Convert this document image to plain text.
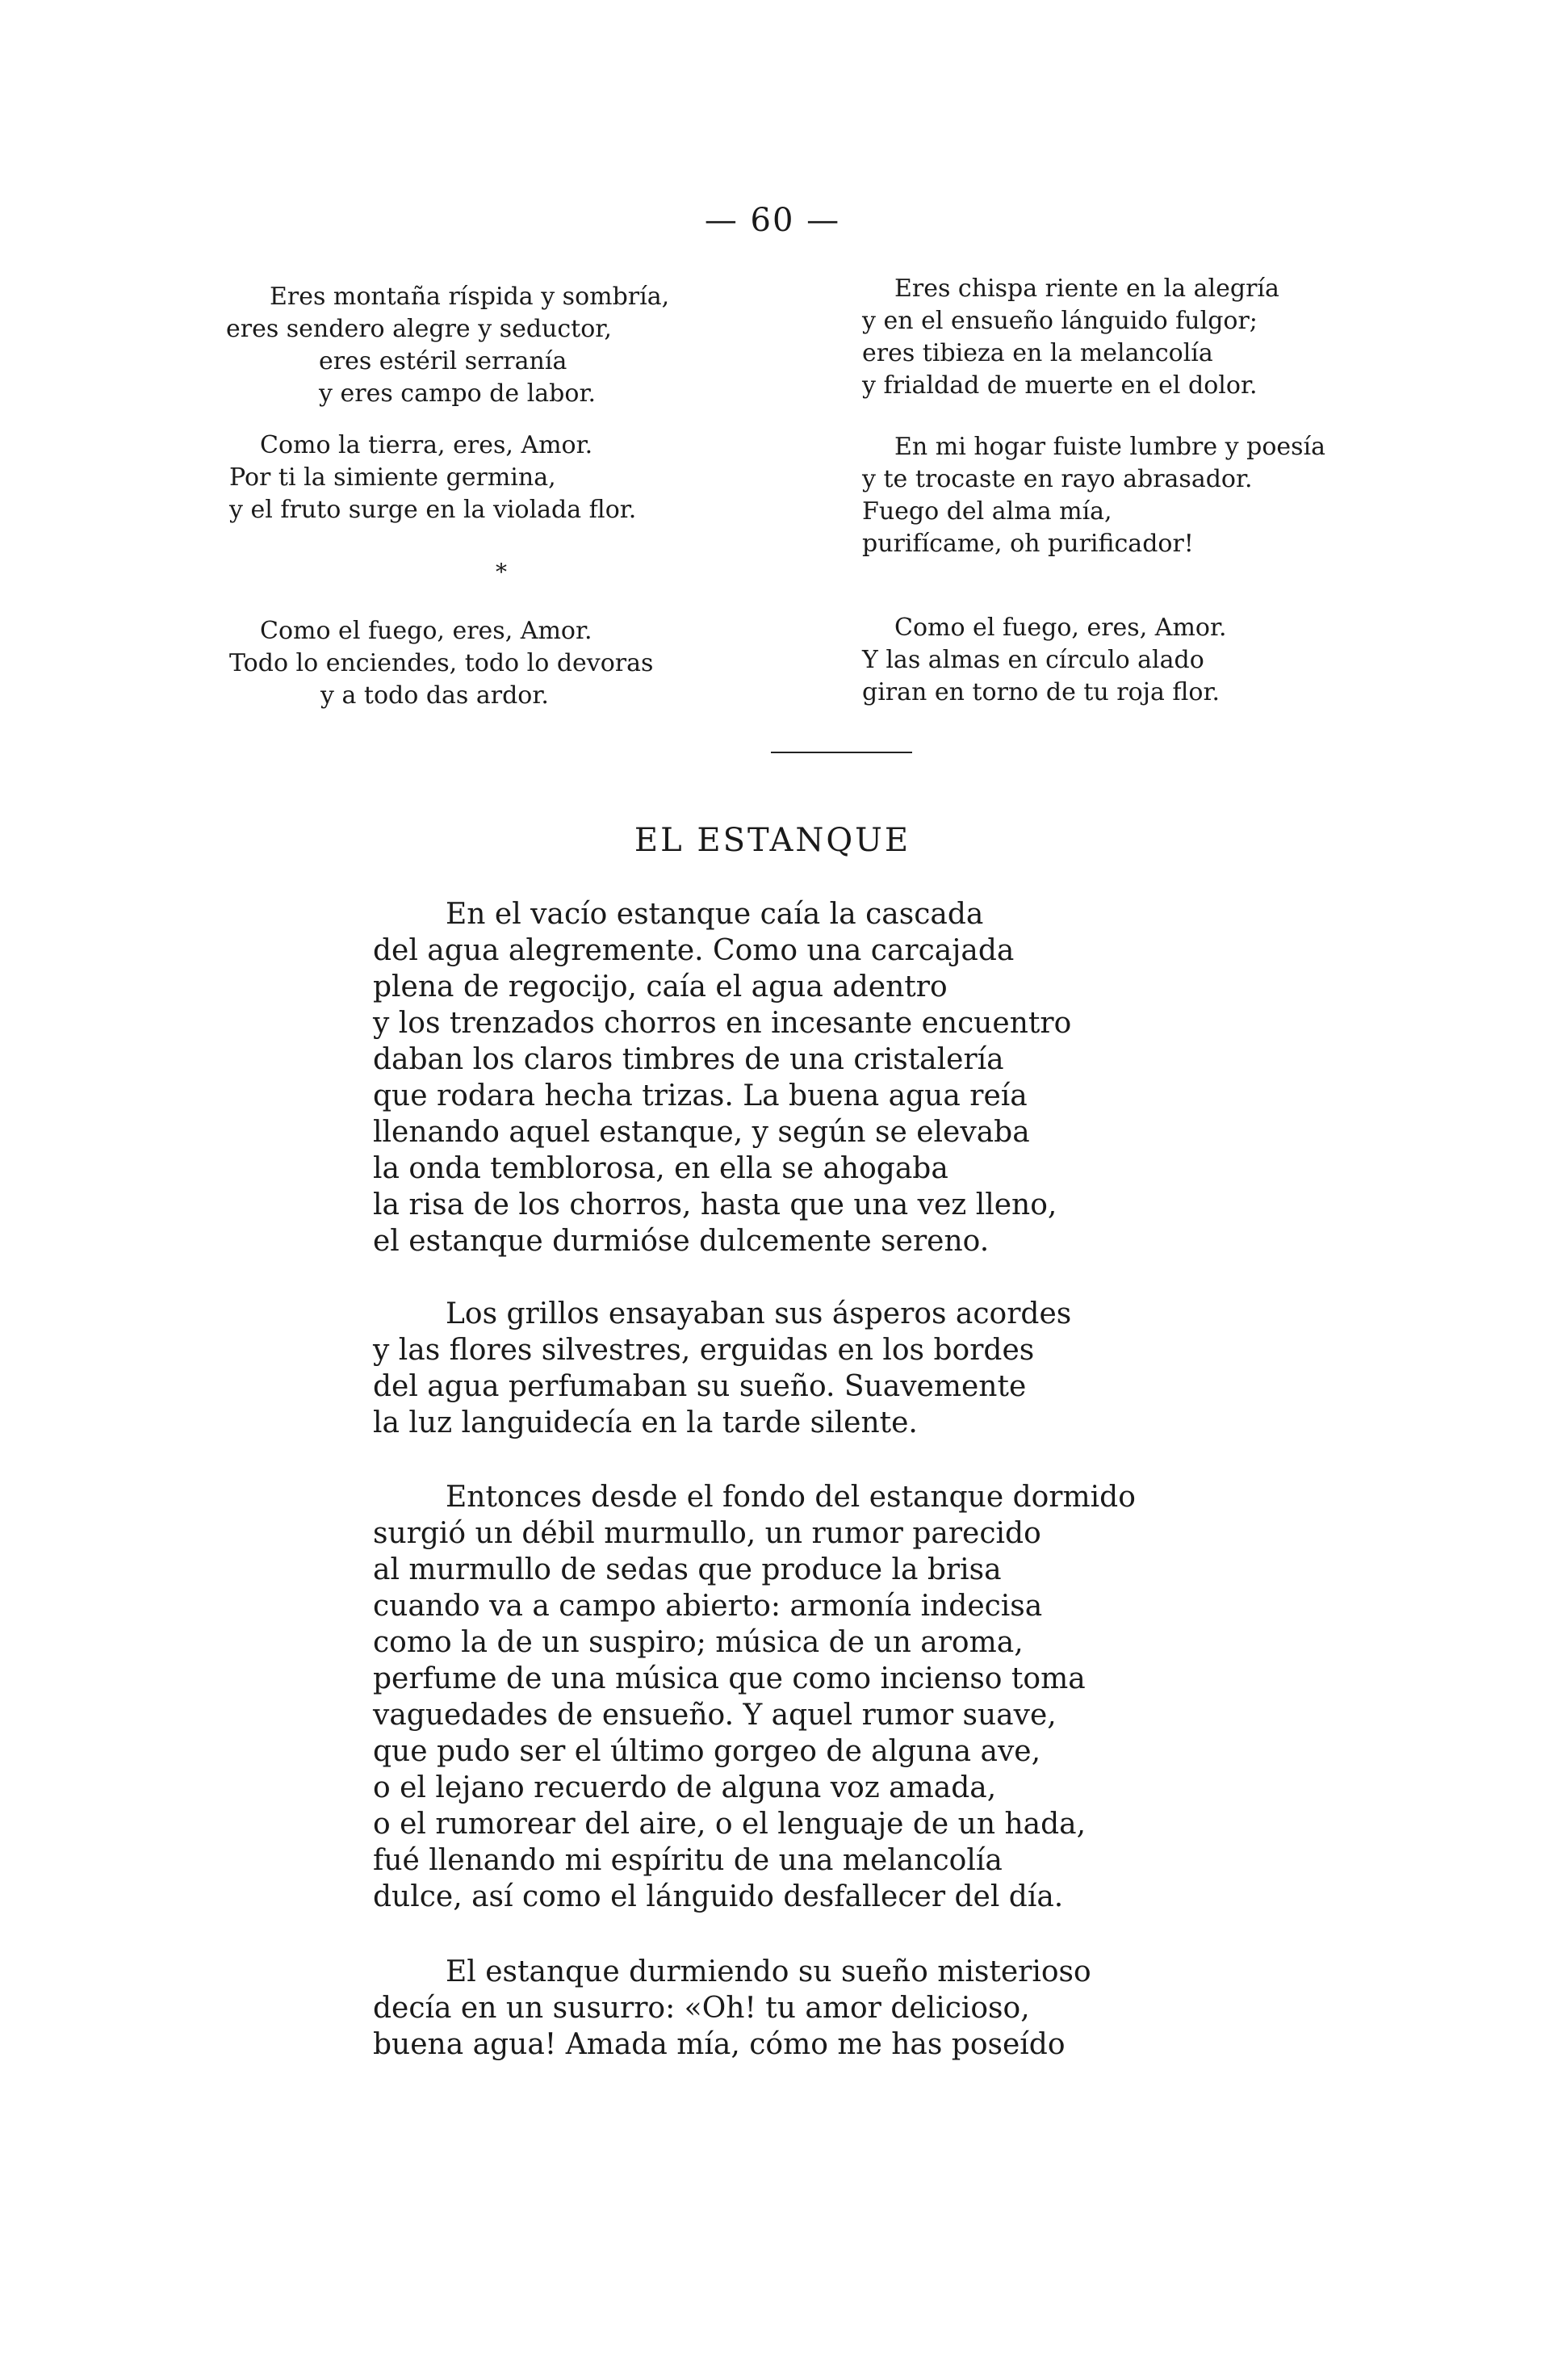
— 60 —
Eres montaña ríspida y sombría,
eres sendero alegre y seductor,
eres estéril serranía
y eres campo de labor.
Como la tierra, eres, Amor.
Por ti la simiente germina,
y el fruto surge en la violada flor.
Como el fuego, eres, Amor.
Todo lo enciendes, todo lo devoras
y a todo das ardor.
*
Eres chispa riente en la alegría
y en el ensueño lánguido fulgor;
eres tibieza en la melancolía
y frialdad de muerte en el dolor.
En mi hogar fuiste lumbre y poesía
y te trocaste en rayo abrasador.
Fuego del alma mía,
purifícame, oh purificador!
Como el fuego, eres, Amor.
Y las almas en círculo alado
giran en torno de tu roja flor.
EL ESTANQUE
En el vacío estanque caía la cascada
del agua alegremente. Como una carcajada
plena de regocijo, caía el agua adentro
y los trenzados chorros en incesante encuentro
daban los claros timbres de una cristalería
que rodara hecha trizas. La buena agua reía
llenando aquel estanque, y según se elevaba
la onda temblorosa, en ella se ahogaba
la risa de los chorros, hasta que una vez lleno,
el estanque durmióse dulcemente sereno.
Los grillos ensayaban sus ásperos acordes
y las flores silvestres, erguidas en los bordes
del agua perfumaban su sueño. Suavemente
la luz languidecía en la tarde silente.
Entonces desde el fondo del estanque dormido
surgió un débil murmullo, un rumor parecido
al murmullo de sedas que produce la brisa
cuando va a campo abierto: armonía indecisa
como la de un suspiro; música de un aroma,
perfume de una música que como incienso toma
vaguedades de ensueño. Y aquel rumor suave,
que pudo ser el último gorgeo de alguna ave,
o el lejano recuerdo de alguna voz amada,
o el rumorear del aire, o el lenguaje de un hada,
fué llenando mi espíritu de una melancolía
dulce, así como el lánguido desfallecer del día.
El estanque durmiendo su sueño misterioso
decía en un susurro: «Oh! tu amor delicioso,
buena agua! Amada mía, cómo me has poseído
